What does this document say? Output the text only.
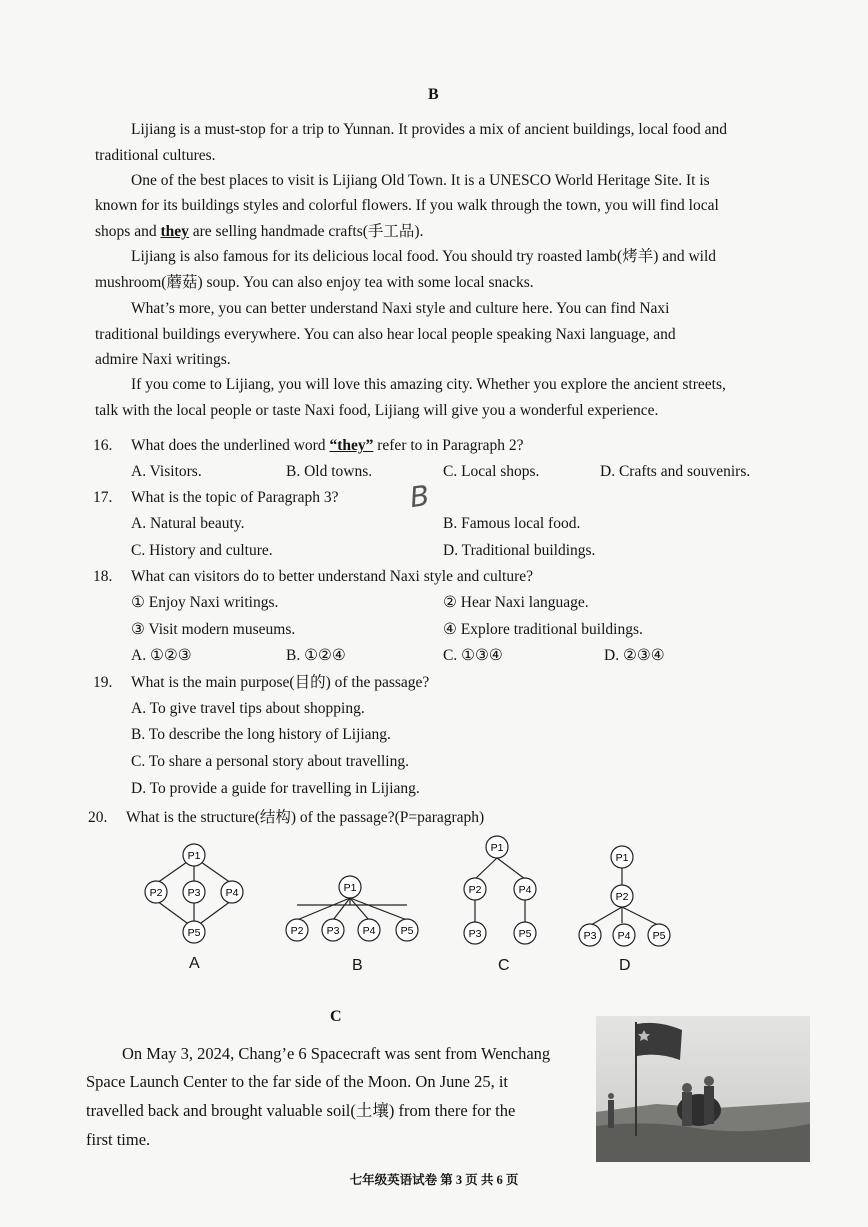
B
Lijiang is a must-stop for a trip to Yunnan. It provides a mix of ancient buildings, local food and
traditional cultures.
One of the best places to visit is Lijiang Old Town. It is a UNESCO World Heritage Site. It is
known for its buildings styles and colorful flowers. If you walk through the town, you will find local
shops and they are selling handmade crafts(手工品).
Lijiang is also famous for its delicious local food. You should try roasted lamb(烤羊) and wild
mushroom(蘑菇) soup. You can also enjoy tea with some local snacks.
What’s more, you can better understand Naxi style and culture here. You can find Naxi
traditional buildings everywhere. You can also hear local people speaking Naxi language, and
admire Naxi writings.
If you come to Lijiang, you will love this amazing city. Whether you explore the ancient streets,
talk with the local people or taste Naxi food, Lijiang will give you a wonderful experience.
16. What does the underlined word “they” refer to in Paragraph 2?
A. Visitors.	B. Old towns.	C. Local shops.	D. Crafts and souvenirs.
17. What is the topic of Paragraph 3? B
A. Natural beauty.	B. Famous local food.
C. History and culture.	D. Traditional buildings.
18. What can visitors do to better understand Naxi style and culture?
① Enjoy Naxi writings.	② Hear Naxi language.
③ Visit modern museums.	④ Explore traditional buildings.
A. ①②③	B. ①②④	C. ①③④	D. ②③④
19. What is the main purpose(目的) of the passage?
A. To give travel tips about shopping.
B. To describe the long history of Lijiang.
C. To share a personal story about travelling.
D. To provide a guide for travelling in Lijiang.
20. What is the structure(结构) of the passage?(P=paragraph)
P1
P2 P3 P4
P5
A
P1
P2 P3 P4 P5
B
P1
P2	P4
P3	P5
C
P1
P2
P3 P4 P5
D
C
On May 3, 2024, Chang’e 6 Spacecraft was sent from Wenchang
Space Launch Center to the far side of the Moon. On June 25, it
travelled back and brought valuable soil(土壤) from there for the
first time.
七年级英语试卷 第 3 页 共 6 页
